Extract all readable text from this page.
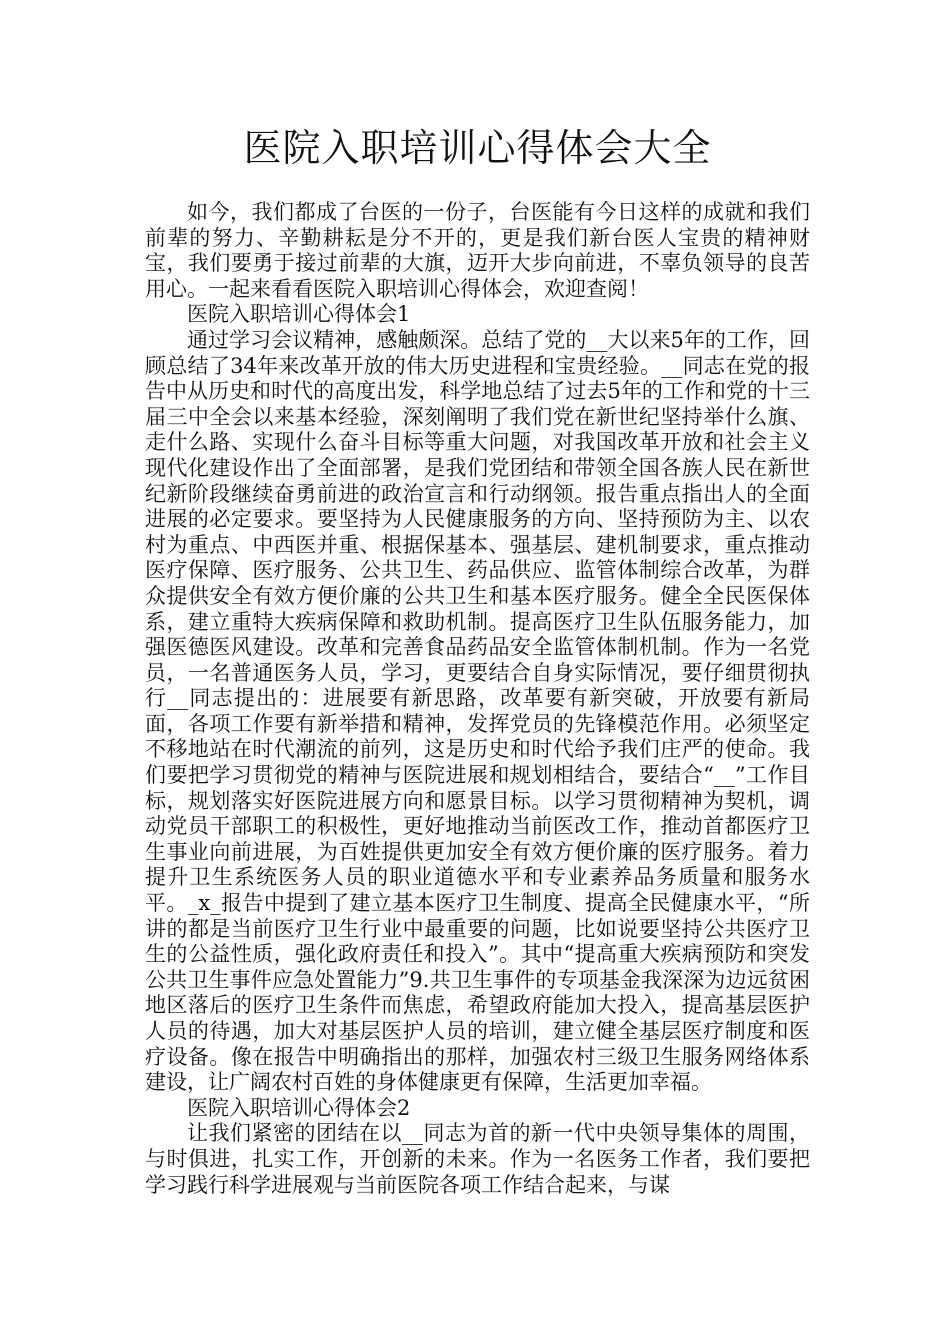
医院入职培训心得体会大全

如今，我们都成了台医的一份子，台医能有今日这样的成就和我们前辈的努力、辛勤耕耘是分不开的，更是我们新台医人宝贵的精神财宝，我们要勇于接过前辈的大旗，迈开大步向前进，不辜负领导的良苦用心。一起来看看医院入职培训心得体会，欢迎查阅！

医院入职培训心得体会1

通过学习会议精神，感触颇深。总结了党的__大以来5年的工作，回顾总结了34年来改革开放的伟大历史进程和宝贵经验。__同志在党的报告中从历史和时代的高度出发，科学地总结了过去5年的工作和党的十三届三中全会以来基本经验，深刻阐明了我们党在新世纪坚持举什么旗、走什么路、实现什么奋斗目标等重大问题，对我国改革开放和社会主义现代化建设作出了全面部署，是我们党团结和带领全国各族人民在新世纪新阶段继续奋勇前进的政治宣言和行动纲领。报告重点指出人的全面进展的必定要求。要坚持为人民健康服务的方向、坚持预防为主、以农村为重点、中西医并重、根据保基本、强基层、建机制要求，重点推动医疗保障、医疗服务、公共卫生、药品供应、监管体制综合改革，为群众提供安全有效方便价廉的公共卫生和基本医疗服务。健全全民医保体系，建立重特大疾病保障和救助机制。提高医疗卫生队伍服务能力，加强医德医风建设。改革和完善食品药品安全监管体制机制。作为一名党员，一名普通医务人员，学习，更要结合自身实际情况，要仔细贯彻执行__同志提出的：进展要有新思路，改革要有新突破，开放要有新局面，各项工作要有新举措和精神，发挥党员的先锋模范作用。必须坚定不移地站在时代潮流的前列，这是历史和时代给予我们庄严的使命。我们要把学习贯彻党的精神与医院进展和规划相结合，要结合“__”工作目标，规划落实好医院进展方向和愿景目标。以学习贯彻精神为契机，调动党员干部职工的积极性，更好地推动当前医改工作，推动首都医疗卫生事业向前进展，为百姓提供更加安全有效方便价廉的医疗服务。着力提升卫生系统医务人员的职业道德水平和专业素养品务质量和服务水平。_x_报告中提到了建立基本医疗卫生制度、提高全民健康水平，“所讲的都是当前医疗卫生行业中最重要的问题，比如说要坚持公共医疗卫生的公益性质，强化政府责任和投入”。其中“提高重大疾病预防和突发公共卫生事件应急处置能力”9.共卫生事件的专项基金我深深为边远贫困地区落后的医疗卫生条件而焦虑，希望政府能加大投入，提高基层医护人员的待遇，加大对基层医护人员的培训，建立健全基层医疗制度和医疗设备。像在报告中明确指出的那样，加强农村三级卫生服务网络体系建设，让广阔农村百姓的身体健康更有保障，生活更加幸福。

医院入职培训心得体会2

让我们紧密的团结在以__同志为首的新一代中央领导集体的周围，与时俱进，扎实工作，开创新的未来。作为一名医务工作者，我们要把学习践行科学进展观与当前医院各项工作结合起来，与谋
